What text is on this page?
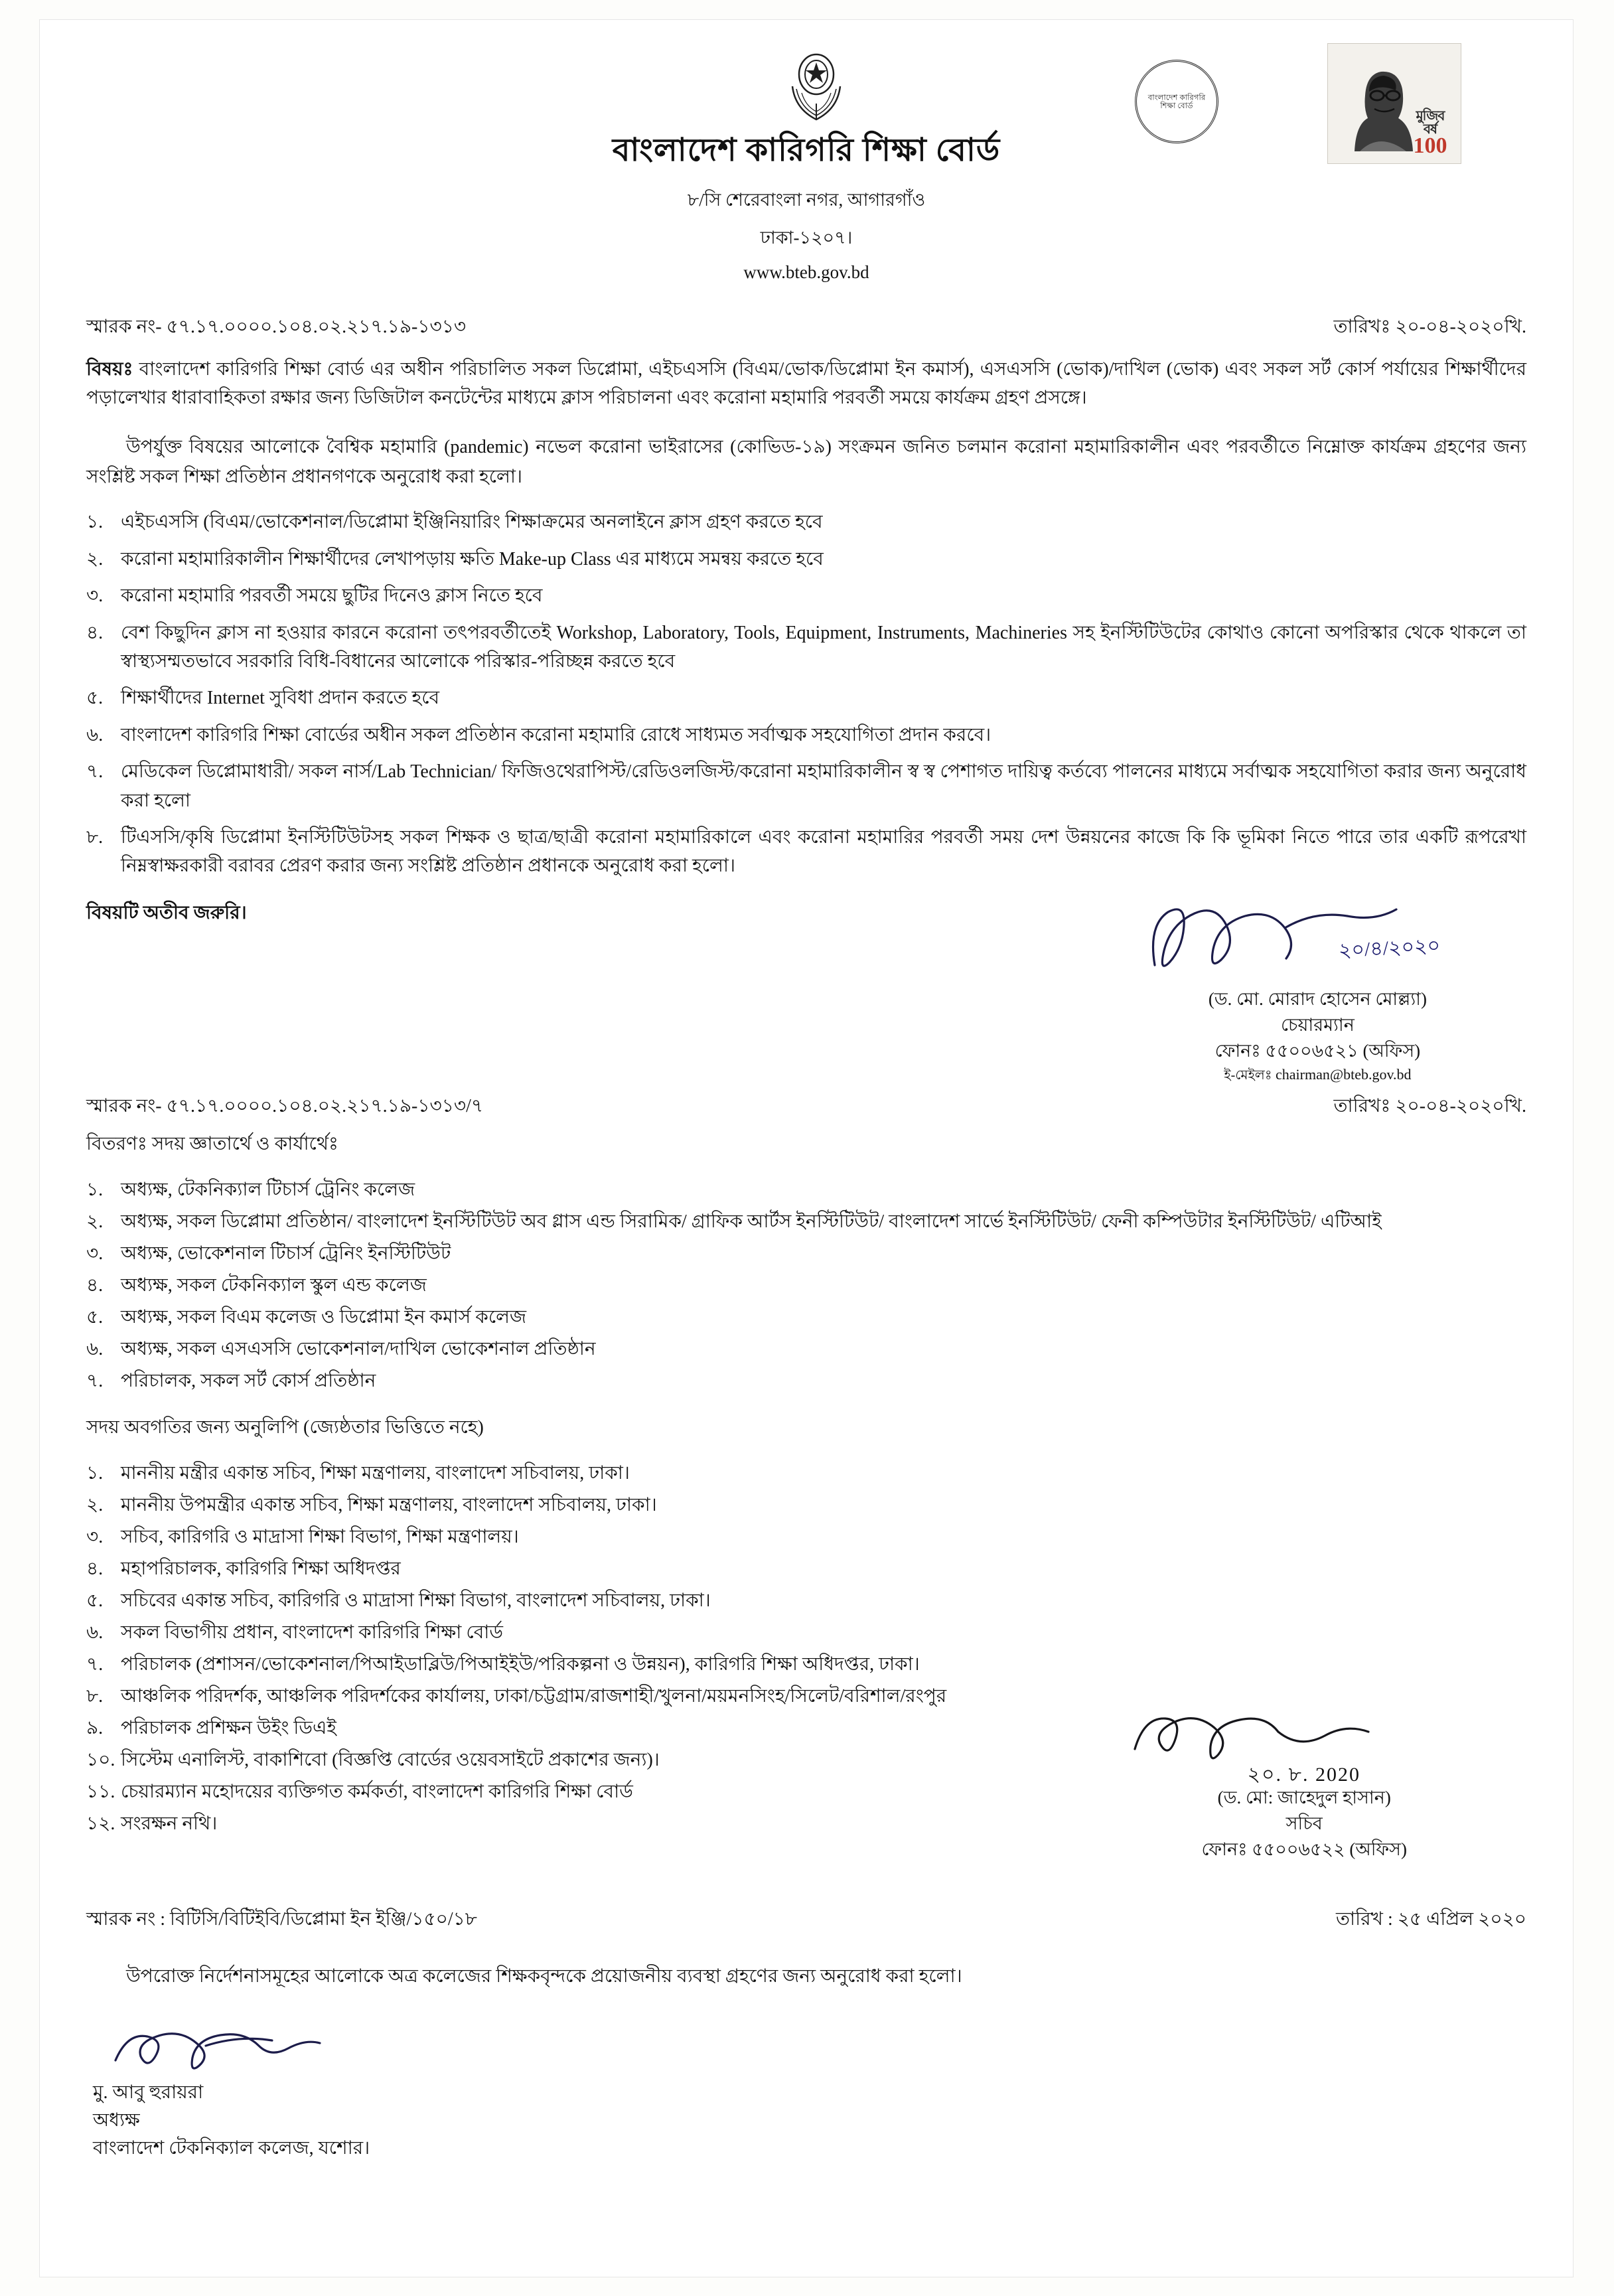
বাংলাদেশ কারিগরি শিক্ষা বোর্ড
মুজিব
বর্ষ
100
বাংলাদেশ কারিগরি শিক্ষা বোর্ড
৮/সি শেরেবাংলা নগর, আগারগাঁও
ঢাকা-১২০৭।
www.bteb.gov.bd
স্মারক নং- ৫৭.১৭.০০০০.১০৪.০২.২১৭.১৯-১৩১৩	তারিখঃ ২০-০৪-২০২০খি.
বিষয়ঃ বাংলাদেশ কারিগরি শিক্ষা বোর্ড এর অধীন পরিচালিত সকল ডিপ্লোমা, এইচএসসি (বিএম/ভোক/ডিপ্লোমা ইন কমার্স), এসএসসি (ভোক)/দাখিল (ভোক) এবং সকল সর্ট কোর্স পর্যায়ের শিক্ষার্থীদের পড়ালেখার ধারাবাহিকতা রক্ষার জন্য ডিজিটাল কনটেন্টের মাধ্যমে ক্লাস পরিচালনা এবং করোনা মহামারি পরবর্তী সময়ে কার্যক্রম গ্রহণ প্রসঙ্গে।
উপর্যুক্ত বিষয়ের আলোকে বৈশ্বিক মহামারি (pandemic) নভেল করোনা ভাইরাসের (কোভিড-১৯) সংক্রমন জনিত চলমান করোনা মহামারিকালীন এবং পরবর্তীতে নিম্নোক্ত কার্যক্রম গ্রহণের জন্য সংশ্লিষ্ট সকল শিক্ষা প্রতিষ্ঠান প্রধানগণকে অনুরোধ করা হলো।
১. এইচএসসি (বিএম/ভোকেশনাল/ডিপ্লোমা ইঞ্জিনিয়ারিং শিক্ষাক্রমের অনলাইনে ক্লাস গ্রহণ করতে হবে
২. করোনা মহামারিকালীন শিক্ষার্থীদের লেখাপড়ায় ক্ষতি Make-up Class এর মাধ্যমে সমন্বয় করতে হবে
৩. করোনা মহামারি পরবর্তী সময়ে ছুটির দিনেও ক্লাস নিতে হবে
৪. বেশ কিছুদিন ক্লাস না হওয়ার কারনে করোনা তৎপরবর্তীতেই Workshop, Laboratory, Tools, Equipment, Instruments, Machineries সহ ইনস্টিটিউটের কোথাও কোনো অপরিস্কার থেকে থাকলে তা স্বাস্থ্যসম্মতভাবে সরকারি বিধি-বিধানের আলোকে পরিস্কার-পরিচ্ছন্ন করতে হবে
৫. শিক্ষার্থীদের Internet সুবিধা প্রদান করতে হবে
৬. বাংলাদেশ কারিগরি শিক্ষা বোর্ডের অধীন সকল প্রতিষ্ঠান করোনা মহামারি রোধে সাধ্যমত সর্বাত্মক সহযোগিতা প্রদান করবে।
৭. মেডিকেল ডিপ্লোমাধারী/ সকল নার্স/Lab Technician/ ফিজিওথেরাপিস্ট/রেডিওলজিস্ট/করোনা মহামারিকালীন স্ব স্ব পেশাগত দায়িত্ব কর্তব্যে পালনের মাধ্যমে সর্বাত্মক সহযোগিতা করার জন্য অনুরোধ করা হলো
৮. টিএসসি/কৃষি ডিপ্লোমা ইনস্টিটিউটসহ সকল শিক্ষক ও ছাত্র/ছাত্রী করোনা মহামারিকালে এবং করোনা মহামারির পরবর্তী সময় দেশ উন্নয়নের কাজে কি কি ভূমিকা নিতে পারে তার একটি রূপরেখা নিম্নস্বাক্ষরকারী বরাবর প্রেরণ করার জন্য সংশ্লিষ্ট প্রতিষ্ঠান প্রধানকে অনুরোধ করা হলো।
বিষয়টি অতীব জরুরি।
২০/৪/২০২০
(ড. মো. মোরাদ হোসেন মোল্ল্যা)
চেয়ারম্যান
ফোনঃ ৫৫০০৬৫২১ (অফিস)
ই-মেইলঃ chairman@bteb.gov.bd
স্মারক নং- ৫৭.১৭.০০০০.১০৪.০২.২১৭.১৯-১৩১৩/৭	তারিখঃ ২০-০৪-২০২০খি.
বিতরণঃ সদয় জ্ঞাতার্থে ও কার্যার্থেঃ
১. অধ্যক্ষ, টেকনিক্যাল টিচার্স ট্রেনিং কলেজ
২. অধ্যক্ষ, সকল ডিপ্লোমা প্রতিষ্ঠান/ বাংলাদেশ ইনস্টিটিউট অব গ্লাস এন্ড সিরামিক/ গ্রাফিক আর্টস ইনস্টিটিউট/ বাংলাদেশ সার্ভে ইনস্টিটিউট/ ফেনী কম্পিউটার ইনস্টিটিউট/ এটিআই
৩. অধ্যক্ষ, ভোকেশনাল টিচার্স ট্রেনিং ইনস্টিটিউট
৪. অধ্যক্ষ, সকল টেকনিক্যাল স্কুল এন্ড কলেজ
৫. অধ্যক্ষ, সকল বিএম কলেজ ও ডিপ্লোমা ইন কমার্স কলেজ
৬. অধ্যক্ষ, সকল এসএসসি ভোকেশনাল/দাখিল ভোকেশনাল প্রতিষ্ঠান
৭. পরিচালক, সকল সর্ট কোর্স প্রতিষ্ঠান
সদয় অবগতির জন্য অনুলিপি (জ্যেষ্ঠতার ভিত্তিতে নহে)
১. মাননীয় মন্ত্রীর একান্ত সচিব, শিক্ষা মন্ত্রণালয়, বাংলাদেশ সচিবালয়, ঢাকা।
২. মাননীয় উপমন্ত্রীর একান্ত সচিব, শিক্ষা মন্ত্রণালয়, বাংলাদেশ সচিবালয়, ঢাকা।
৩. সচিব, কারিগরি ও মাদ্রাসা শিক্ষা বিভাগ, শিক্ষা মন্ত্রণালয়।
৪. মহাপরিচালক, কারিগরি শিক্ষা অধিদপ্তর
৫. সচিবের একান্ত সচিব, কারিগরি ও মাদ্রাসা শিক্ষা বিভাগ, বাংলাদেশ সচিবালয়, ঢাকা।
৬. সকল বিভাগীয় প্রধান, বাংলাদেশ কারিগরি শিক্ষা বোর্ড
৭. পরিচালক (প্রশাসন/ভোকেশনাল/পিআইডাব্লিউ/পিআইইউ/পরিকল্পনা ও উন্নয়ন), কারিগরি শিক্ষা অধিদপ্তর, ঢাকা।
৮. আঞ্চলিক পরিদর্শক, আঞ্চলিক পরিদর্শকের কার্যালয়, ঢাকা/চট্টগ্রাম/রাজশাহী/খুলনা/ময়মনসিংহ/সিলেট/বরিশাল/রংপুর
৯. পরিচালক প্রশিক্ষন উইং ডিএই
১০. সিস্টেম এনালিস্ট, বাকাশিবো (বিজ্ঞপ্তি বোর্ডের ওয়েবসাইটে প্রকাশের জন্য)।
১১. চেয়ারম্যান মহোদয়ের ব্যক্তিগত কর্মকর্তা, বাংলাদেশ কারিগরি শিক্ষা বোর্ড
১২. সংরক্ষন নথি।
২০. ৮. 2020
(ড. মো: জাহেদুল হাসান)
সচিব
ফোনঃ ৫৫০০৬৫২২ (অফিস)
স্মারক নং : বিটিসি/বিটিইবি/ডিপ্লোমা ইন ইঞ্জি/১৫০/১৮	তারিখ : ২৫ এপ্রিল ২০২০
উপরোক্ত নির্দেশনাসমূহের আলোকে অত্র কলেজের শিক্ষকবৃন্দকে প্রয়োজনীয় ব্যবস্থা গ্রহণের জন্য অনুরোধ করা হলো।
মু. আবু হুরায়রা
অধ্যক্ষ
বাংলাদেশ টেকনিক্যাল কলেজ, যশোর।
